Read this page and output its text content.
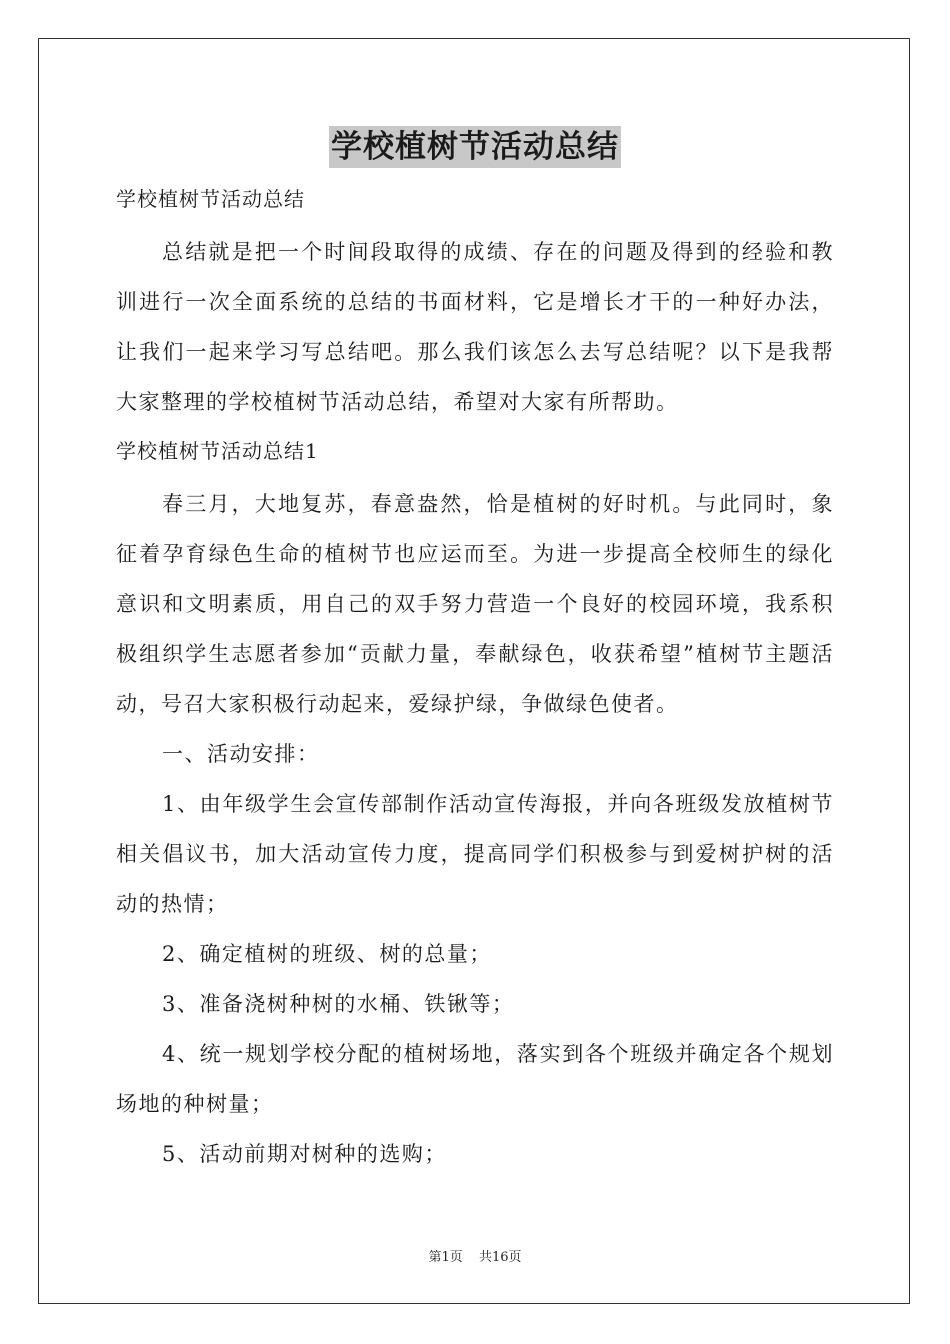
学校植树节活动总结

学校植树节活动总结

总结就是把一个时间段取得的成绩、存在的问题及得到的经验和教训进行一次全面系统的总结的书面材料，它是增长才干的一种好办法，让我们一起来学习写总结吧。那么我们该怎么去写总结呢？以下是我帮大家整理的学校植树节活动总结，希望对大家有所帮助。

学校植树节活动总结1

春三月，大地复苏，春意盎然，恰是植树的好时机。与此同时，象征着孕育绿色生命的植树节也应运而至。为进一步提高全校师生的绿化意识和文明素质，用自己的双手努力营造一个良好的校园环境，我系积极组织学生志愿者参加“贡献力量，奉献绿色，收获希望”植树节主题活动，号召大家积极行动起来，爱绿护绿，争做绿色使者。

一、活动安排：

1、由年级学生会宣传部制作活动宣传海报，并向各班级发放植树节相关倡议书，加大活动宣传力度，提高同学们积极参与到爱树护树的活动的热情；

2、确定植树的班级、树的总量；

3、准备浇树种树的水桶、铁锹等；

4、统一规划学校分配的植树场地，落实到各个班级并确定各个规划场地的种树量；

5、活动前期对树种的选购；

第1页 共16页
